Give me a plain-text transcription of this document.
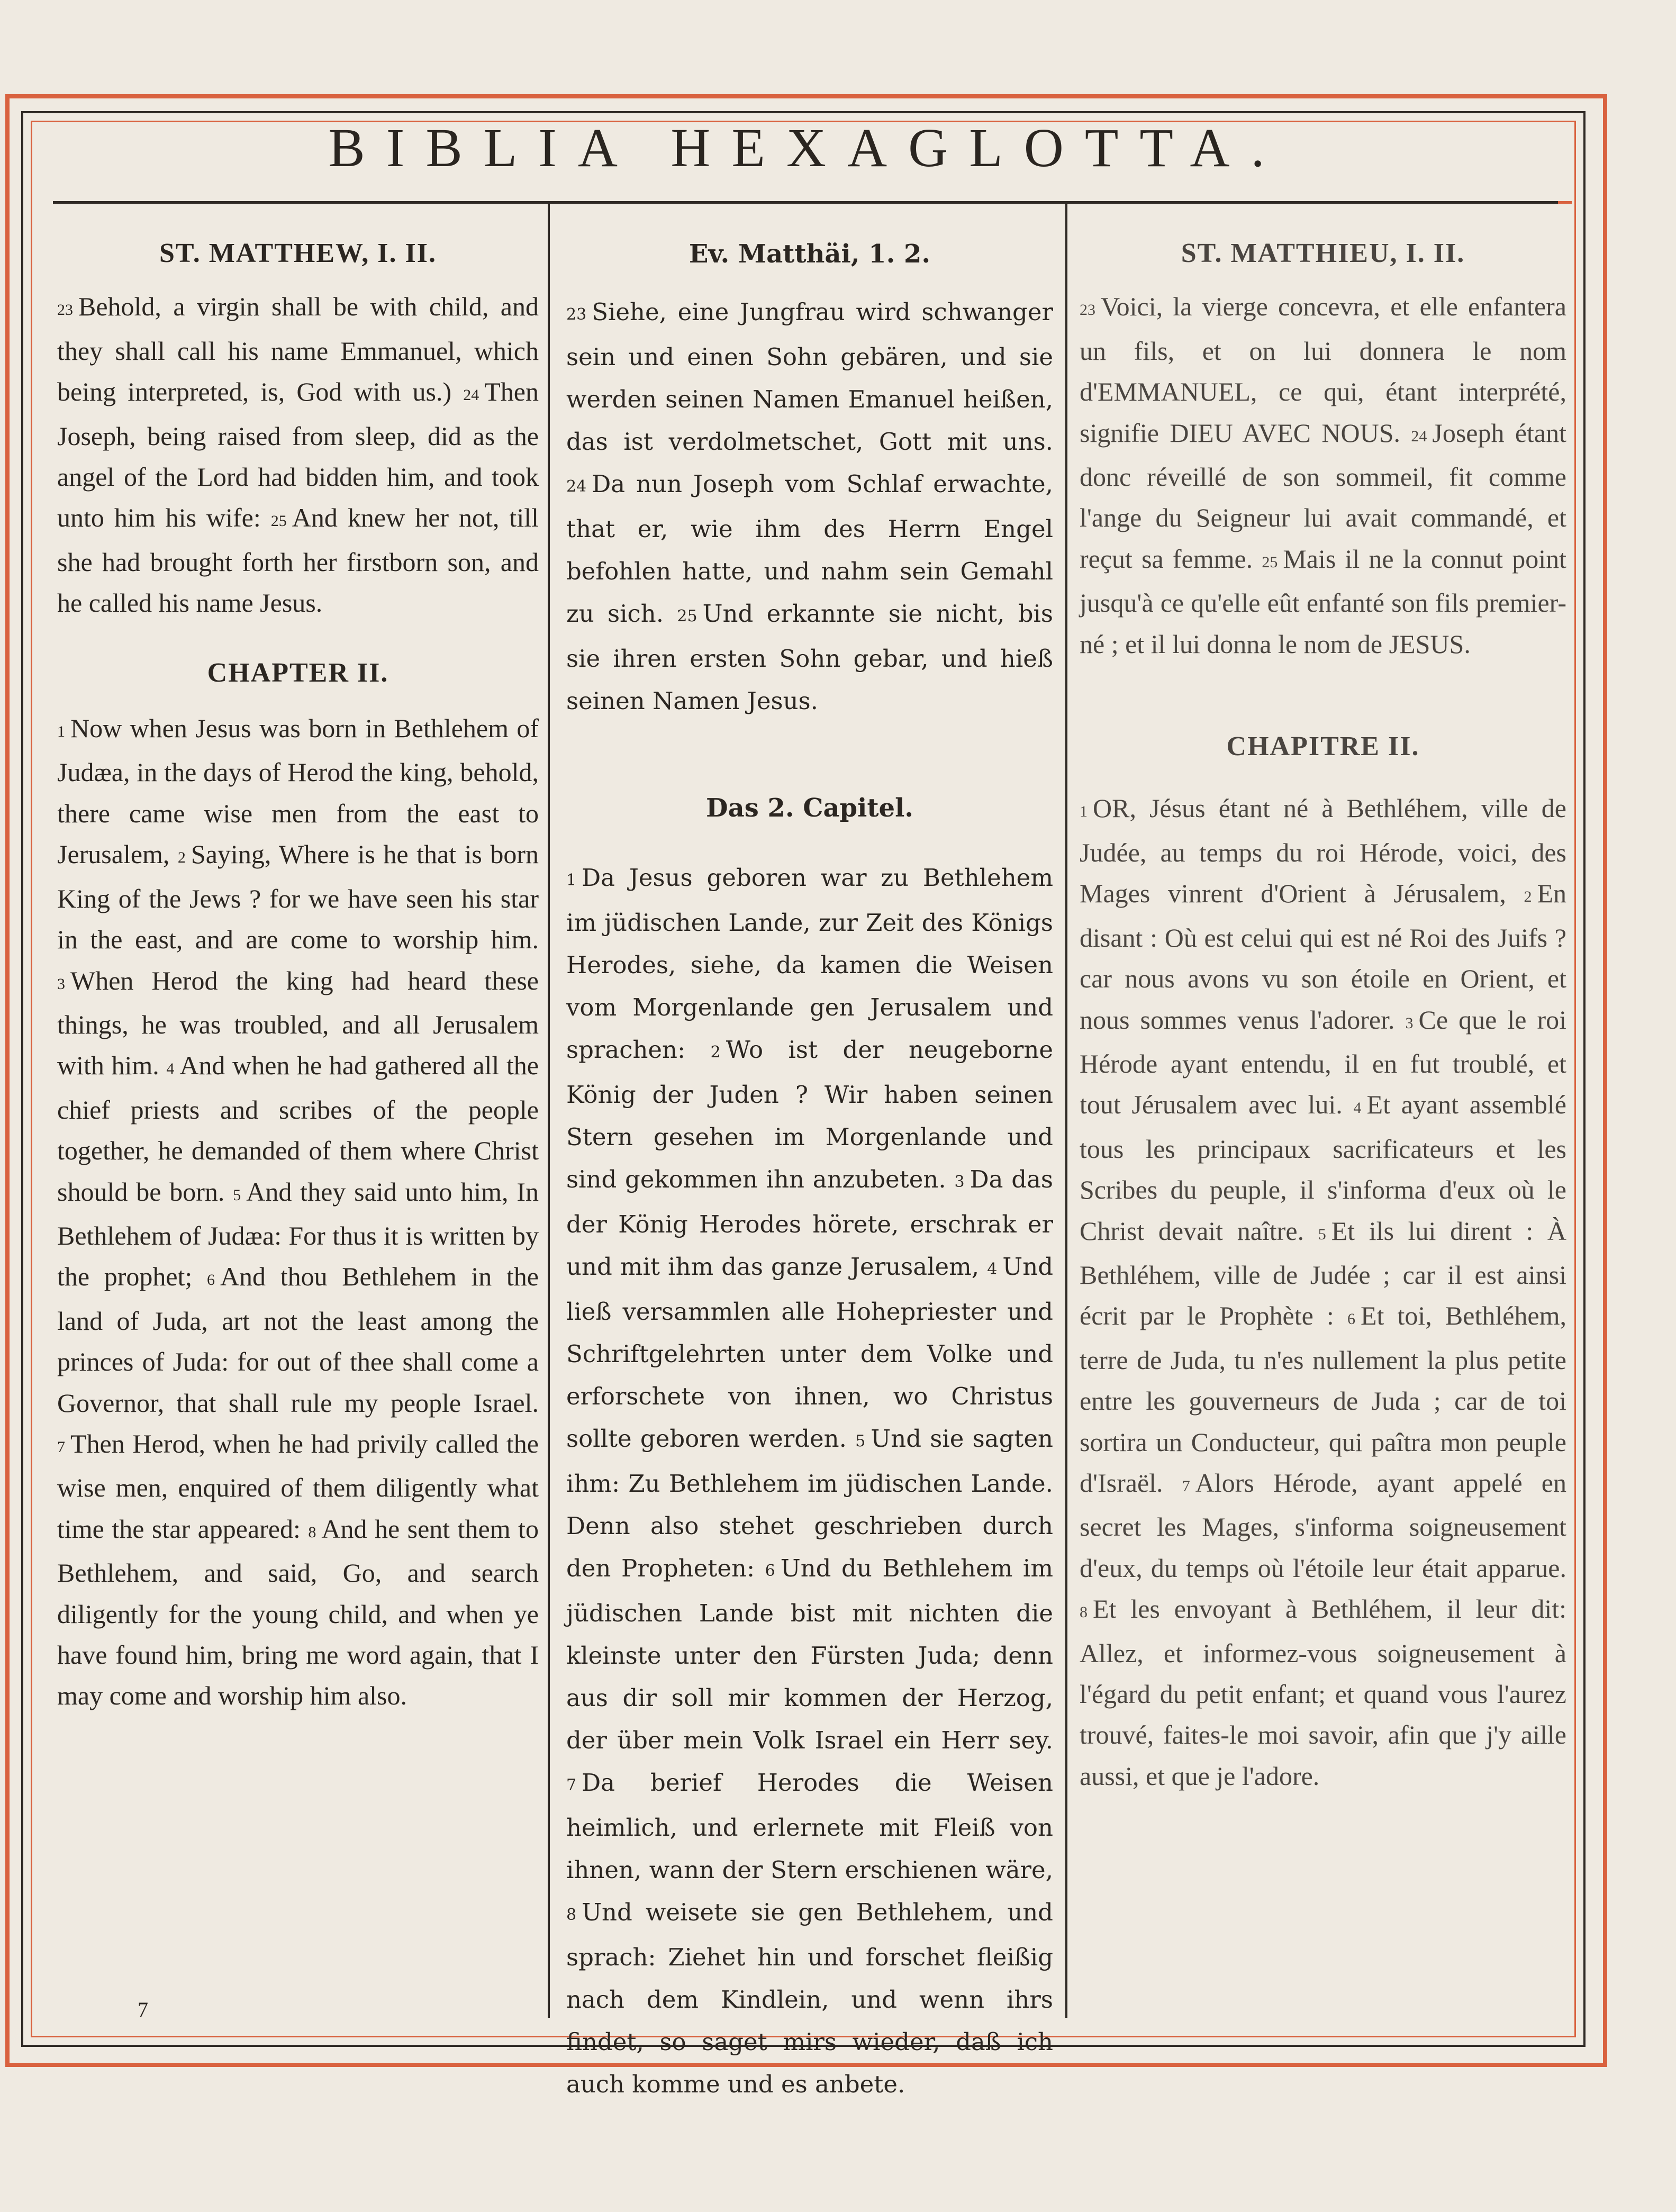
BIBLIA HEXAGLOTTA.
ST. MATTHEW, I. II.

23 Behold, a virgin shall be with child, and they shall call his name Emmanuel, which being interpreted, is, God with us.) 24 Then Joseph, being raised from sleep, did as the angel of the Lord had bidden him, and took unto him his wife: 25 And knew her not, till she had brought forth her firstborn son, and he called his name Jesus.

CHAPTER II.

1 Now when Jesus was born in Bethlehem of Judæa, in the days of Herod the king, behold, there came wise men from the east to Jerusalem, 2 Saying, Where is he that is born King of the Jews ? for we have seen his star in the east, and are come to worship him. 3 When Herod the king had heard these things, he was troubled, and all Jerusalem with him. 4 And when he had gathered all the chief priests and scribes of the people together, he demanded of them where Christ should be born. 5 And they said unto him, In Bethlehem of Judæa: For thus it is written by the prophet; 6 And thou Bethlehem in the land of Juda, art not the least among the princes of Juda: for out of thee shall come a Governor, that shall rule my people Israel. 7 Then Herod, when he had privily called the wise men, enquired of them diligently what time the star appeared: 8 And he sent them to Bethlehem, and said, Go, and search diligently for the young child, and when ye have found him, bring me word again, that I may come and worship him also.

7
Ev. Matthäi, 1. 2.

23 Siehe, eine Jungfrau wird schwanger sein und einen Sohn gebären, und sie werden seinen Namen Emanuel heißen, das ist verdolmetschet, Gott mit uns. 24 Da nun Joseph vom Schlaf erwachte, that er, wie ihm des Herrn Engel befohlen hatte, und nahm sein Gemahl zu sich. 25 Und erkannte sie nicht, bis sie ihren ersten Sohn gebar, und hieß seinen Namen Jesus.

Das 2. Capitel.

1 Da Jesus geboren war zu Bethlehem im jüdischen Lande, zur Zeit des Königs Herodes, siehe, da kamen die Weisen vom Morgenlande gen Jerusalem und sprachen: 2 Wo ist der neugeborne König der Juden ? Wir haben seinen Stern gesehen im Morgenlande und sind gekommen ihn anzubeten. 3 Da das der König Herodes hörete, erschrak er und mit ihm das ganze Jerusalem, 4 Und ließ versammlen alle Hohepriester und Schriftgelehrten unter dem Volke und erforschete von ihnen, wo Christus sollte geboren werden. 5 Und sie sagten ihm: Zu Bethlehem im jüdischen Lande. Denn also stehet geschrieben durch den Propheten: 6 Und du Bethlehem im jüdischen Lande bist mit nichten die kleinste unter den Fürsten Juda; denn aus dir soll mir kommen der Herzog, der über mein Volk Israel ein Herr sey. 7 Da berief Herodes die Weisen heimlich, und erlernete mit Fleiß von ihnen, wann der Stern erschienen wäre, 8 Und weisete sie gen Bethlehem, und sprach: Ziehet hin und forschet fleißig nach dem Kindlein, und wenn ihrs findet, so saget mirs wieder, daß ich auch komme und es anbete.

ST. MATTHIEU, I. II.

23 Voici, la vierge concevra, et elle enfantera un fils, et on lui donnera le nom d'EMMANUEL, ce qui, étant interprété, signifie DIEU AVEC NOUS. 24 Joseph étant donc réveillé de son sommeil, fit comme l'ange du Seigneur lui avait commandé, et reçut sa femme. 25 Mais il ne la connut point jusqu'à ce qu'elle eût enfanté son fils premier-né ; et il lui donna le nom de JESUS.

CHAPITRE II.

1 OR, Jésus étant né à Bethléhem, ville de Judée, au temps du roi Hérode, voici, des Mages vinrent d'Orient à Jérusalem, 2 En disant : Où est celui qui est né Roi des Juifs ? car nous avons vu son étoile en Orient, et nous sommes venus l'adorer. 3 Ce que le roi Hérode ayant entendu, il en fut troublé, et tout Jérusalem avec lui. 4 Et ayant assemblé tous les principaux sacrificateurs et les Scribes du peuple, il s'informa d'eux où le Christ devait naître. 5 Et ils lui dirent : À Bethléhem, ville de Judée ; car il est ainsi écrit par le Prophète : 6 Et toi, Bethléhem, terre de Juda, tu n'es nullement la plus petite entre les gouverneurs de Juda ; car de toi sortira un Conducteur, qui paîtra mon peuple d'Israël. 7 Alors Hérode, ayant appelé en secret les Mages, s'informa soigneusement d'eux, du temps où l'étoile leur était apparue. 8 Et les envoyant à Bethléhem, il leur dit: Allez, et informez-vous soigneusement à l'égard du petit enfant; et quand vous l'aurez trouvé, faites-le moi savoir, afin que j'y aille aussi, et que je l'adore.
